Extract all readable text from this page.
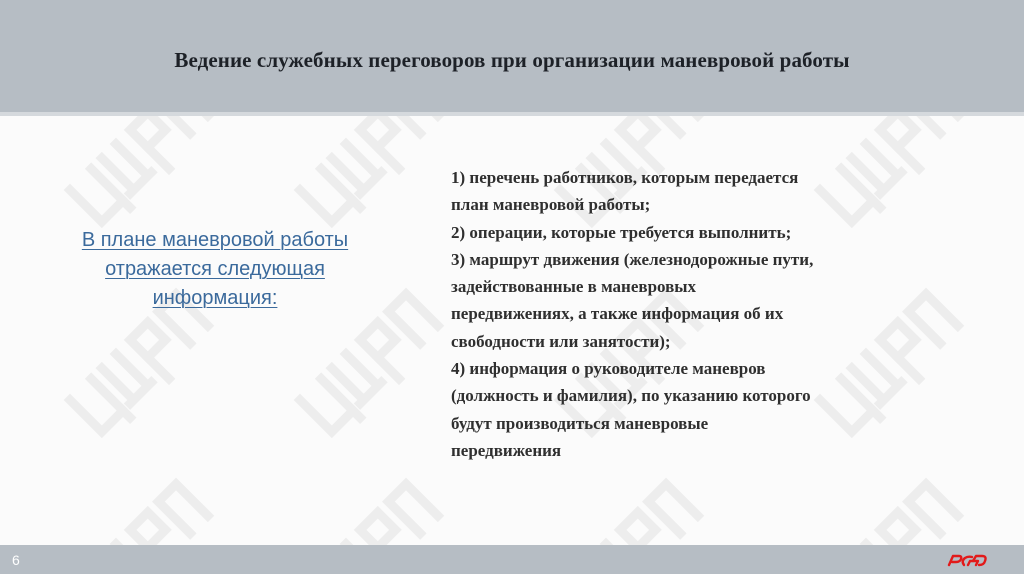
Ведение служебных переговоров при организации маневровой работы
В плане маневровой работы
отражается следующая
информация:
1) перечень работников, которым передается
план маневровой работы;
2) операции, которые требуется выполнить;
3) маршрут движения (железнодорожные пути,
задействованные в маневровых
передвижениях, а также информация об их
свободности или занятости);
4) информация о руководителе маневров
(должность и фамилия), по указанию которого
будут производиться маневровые
передвижения
6
